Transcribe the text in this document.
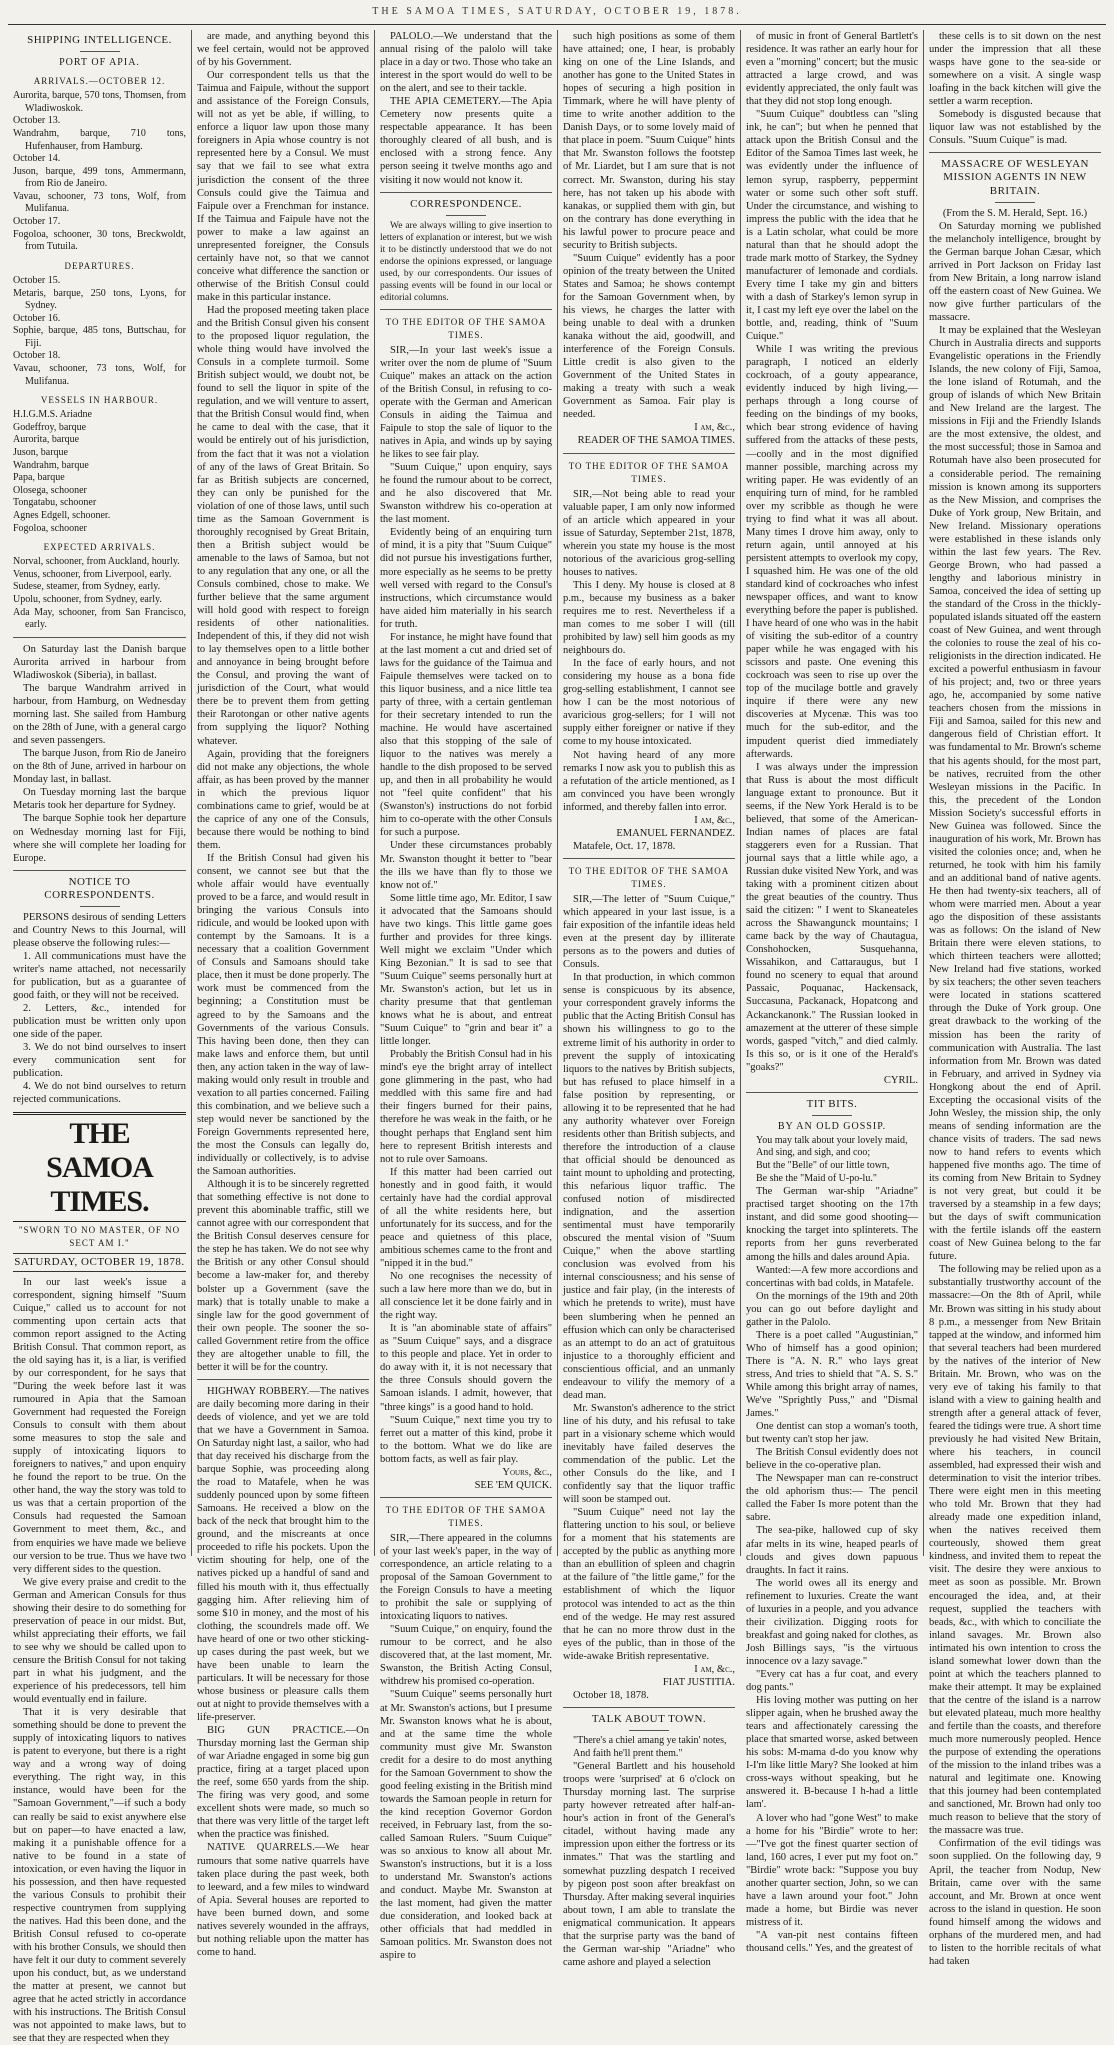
THE SAMOA TIMES, SATURDAY, OCTOBER 19, 1878.
SHIPPING INTELLIGENCE.
PORT OF APIA.
ARRIVALS.—OCTOBER 12.
Aurorita, barque, 570 tons, Thomsen, from Wladiwoskok.
October 13.
Wandrahm, barque, 710 tons, Hufenhauser, from Hamburg.
October 14.
Juson, barque, 499 tons, Ammermann, from Rio de Janeiro.
Vavau, schooner, 73 tons, Wolf, from Mulifanua.
October 17.
Fogoloa, schooner, 30 tons, Breckwoldt, from Tutuila.
DEPARTURES.
October 15.
Metaris, barque, 250 tons, Lyons, for Sydney.
October 16.
Sophie, barque, 485 tons, Buttschau, for Fiji.
October 18.
Vavau, schooner, 73 tons, Wolf, for Mulifanua.
VESSELS IN HARBOUR.
H.I.G.M.S. Ariadne
Godeffroy, barque
Aurorita, barque
Juson, barque
Wandrahm, barque
Papa, barque
Olosega, schooner
Tongatabu, schooner
Agnes Edgell, schooner.
Fogoloa, schooner
EXPECTED ARRIVALS.
Norval, schooner, from Auckland, hourly.
Venus, schooner, from Liverpool, early.
Sudese, steamer, from Sydney, early.
Upolu, schooner, from Sydney, early.
Ada May, schooner, from San Francisco, early.

On Saturday last the Danish barque Aurorita arrived in harbour from Wladiwoskok (Siberia), in ballast.

The barque Wandrahm arrived in harbour, from Hamburg, on Wednesday morning last. She sailed from Hamburg on the 28th of June, with a general cargo and seven passengers.

The barque Juson, from Rio de Janeiro on the 8th of June, arrived in harbour on Monday last, in ballast.

On Tuesday morning last the barque Metaris took her departure for Sydney.

The barque Sophie took her departure on Wednesday morning last for Fiji, where she will complete her loading for Europe.

NOTICE TO CORRESPONDENTS.

PERSONS desirous of sending Letters and Country News to this Journal, will please observe the following rules:—

1. All communications must have the writer's name attached, not necessarily for publication, but as a guarantee of good faith, or they will not be received.

2. Letters, &c., intended for publication must be written only upon one side of the paper.

3. We do not bind ourselves to insert every communication sent for publication.

4. We do not bind ourselves to return rejected communications.

THE SAMOA TIMES.
"SWORN TO NO MASTER, OF NO SECT AM I."
SATURDAY, OCTOBER 19, 1878.

In our last week's issue a correspondent, signing himself "Suum Cuique," called us to account for not commenting upon certain acts that common report assigned to the Acting British Consul. That common report, as the old saying has it, is a liar, is verified by our correspondent, for he says that "During the week before last it was rumoured in Apia that the Samoan Government had requested the Foreign Consuls to consult with them about some measures to stop the sale and supply of intoxicating liquors to foreigners to natives," and upon enquiry he found the report to be true. On the other hand, the way the story was told to us was that a certain proportion of the Consuls had requested the Samoan Government to meet them, &c., and from enquiries we have made we believe our version to be true. Thus we have two very different sides to the question.

We give every praise and credit to the German and American Consuls for thus showing their desire to do something for preservation of peace in our midst. But, whilst appreciating their efforts, we fail to see why we should be called upon to censure the British Consul for not taking part in what his judgment, and the experience of his predecessors, tell him would eventually end in failure.

That it is very desirable that something should be done to prevent the supply of intoxicating liquors to natives is patent to everyone, but there is a right way and a wrong way of doing everything. The right way, in this instance, would have been for the "Samoan Government,"—if such a body can really be said to exist anywhere else but on paper—to have enacted a law, making it a punishable offence for a native to be found in a state of intoxication, or even having the liquor in his possession, and then have requested the various Consuls to prohibit their respective countrymen from supplying the natives. Had this been done, and the British Consul refused to co-operate with his brother Consuls, we should then have felt it our duty to comment severely upon his conduct, but, as we understand the matter at present, we cannot but agree that he acted strictly in accordance with his instructions. The British Consul was not appointed to make laws, but to see that they are respected when they

are made, and anything beyond this we feel certain, would not be approved of by his Government.

Our correspondent tells us that the Taimua and Faipule, without the support and assistance of the Foreign Consuls, will not as yet be able, if willing, to enforce a liquor law upon those many foreigners in Apia whose country is not represented here by a Consul. We must say that we fail to see what extra jurisdiction the consent of the three Consuls could give the Taimua and Faipule over a Frenchman for instance. If the Taimua and Faipule have not the power to make a law against an unrepresented foreigner, the Consuls certainly have not, so that we cannot conceive what difference the sanction or otherwise of the British Consul could make in this particular instance.

Had the proposed meeting taken place and the British Consul given his consent to the proposed liquor regulation, the whole thing would have involved the Consuls in a complete turmoil. Some British subject would, we doubt not, be found to sell the liquor in spite of the regulation, and we will venture to assert, that the British Consul would find, when he came to deal with the case, that it would be entirely out of his jurisdiction, from the fact that it was not a violation of any of the laws of Great Britain. So far as British subjects are concerned, they can only be punished for the violation of one of those laws, until such time as the Samoan Government is thoroughly recognised by Great Britain, then a British subject would be amenable to the laws of Samoa, but not to any regulation that any one, or all the Consuls combined, chose to make. We further believe that the same argument will hold good with respect to foreign residents of other nationalities. Independent of this, if they did not wish to lay themselves open to a little bother and annoyance in being brought before the Consul, and proving the want of jurisdiction of the Court, what would there be to prevent them from getting their Rarotongan or other native agents from supplying the liquor? Nothing whatever.

Again, providing that the foreigners did not make any objections, the whole affair, as has been proved by the manner in which the previous liquor combinations came to grief, would be at the caprice of any one of the Consuls, because there would be nothing to bind them.

If the British Consul had given his consent, we cannot see but that the whole affair would have eventually proved to be a farce, and would result in bringing the various Consuls into ridicule, and would be looked upon with contempt by the Samoans. It is a necessary that a coalition Government of Consuls and Samoans should take place, then it must be done properly. The work must be commenced from the beginning; a Constitution must be agreed to by the Samoans and the Governments of the various Consuls. This having been done, then they can make laws and enforce them, but until then, any action taken in the way of law-making would only result in trouble and vexation to all parties concerned. Failing this combination, and we believe such a step would never be sanctioned by the Foreign Governments represented here, the most the Consuls can legally do, individually or collectively, is to advise the Samoan authorities.

Although it is to be sincerely regretted that something effective is not done to prevent this abominable traffic, still we cannot agree with our correspondent that the British Consul deserves censure for the step he has taken. We do not see why the British or any other Consul should become a law-maker for, and thereby bolster up a Government (save the mark) that is totally unable to make a single law for the good government of their own people. The sooner the so-called Government retire from the office they are altogether unable to fill, the better it will be for the country.

HIGHWAY ROBBERY.—The natives are daily becoming more daring in their deeds of violence, and yet we are told that we have a Government in Samoa. On Saturday night last, a sailor, who had that day received his discharge from the barque Sophie, was proceeding along the road to Matafele, when he was suddenly pounced upon by some fifteen Samoans. He received a blow on the back of the neck that brought him to the ground, and the miscreants at once proceeded to rifle his pockets. Upon the victim shouting for help, one of the natives picked up a handful of sand and filled his mouth with it, thus effectually gagging him. After relieving him of some $10 in money, and the most of his clothing, the scoundrels made off. We have heard of one or two other sticking-up cases during the past week, but we have been unable to learn the particulars. It will be necessary for those whose business or pleasure calls them out at night to provide themselves with a life-preserver.

BIG GUN PRACTICE.—On Thursday morning last the German ship of war Ariadne engaged in some big gun practice, firing at a target placed upon the reef, some 650 yards from the ship. The firing was very good, and some excellent shots were made, so much so that there was very little of the target left when the practice was finished.

NATIVE QUARRELS.—We hear rumours that some native quarrels have taken place during the past week, both to leeward, and a few miles to windward of Apia. Several houses are reported to have been burned down, and some natives severely wounded in the affrays, but nothing reliable upon the matter has come to hand.

PALOLO.—We understand that the annual rising of the palolo will take place in a day or two. Those who take an interest in the sport would do well to be on the alert, and see to their tackle.

THE APIA CEMETERY.—The Apia Cemetery now presents quite a respectable appearance. It has been thoroughly cleared of all bush, and is enclosed with a strong fence. Any person seeing it twelve months ago and visiting it now would not know it.

CORRESPONDENCE.

We are always willing to give insertion to letters of explanation or interest, but we wish it to be distinctly understood that we do not endorse the opinions expressed, or language used, by our correspondents. Our issues of passing events will be found in our local or editorial columns.

TO THE EDITOR OF THE SAMOA TIMES.

SIR,—In your last week's issue a writer over the nom de plume of "Suum Cuique" makes an attack on the action of the British Consul, in refusing to co-operate with the German and American Consuls in aiding the Taimua and Faipule to stop the sale of liquor to the natives in Apia, and winds up by saying he likes to see fair play.

"Suum Cuique," upon enquiry, says he found the rumour about to be correct, and he also discovered that Mr. Swanston withdrew his co-operation at the last moment.

Evidently being of an enquiring turn of mind, it is a pity that "Suum Cuique" did not pursue his investigations further, more especially as he seems to be pretty well versed with regard to the Consul's instructions, which circumstance would have aided him materially in his search for truth.

For instance, he might have found that at the last moment a cut and dried set of laws for the guidance of the Taimua and Faipule themselves were tacked on to this liquor business, and a nice little tea party of three, with a certain gentleman for their secretary intended to run the machine. He would have ascertained also that this stopping of the sale of liquor to the natives was merely a handle to the dish proposed to be served up, and then in all probability he would not "feel quite confident" that his (Swanston's) instructions do not forbid him to co-operate with the other Consuls for such a purpose.

Under these circumstances probably Mr. Swanston thought it better to "bear the ills we have than fly to those we know not of."

Some little time ago, Mr. Editor, I saw it advocated that the Samoans should have two kings. This little game goes further and provides for three kings. Well might we exclaim "Under which King Bezonian." It is sad to see that "Suum Cuique" seems personally hurt at Mr. Swanston's action, but let us in charity presume that that gentleman knows what he is about, and entreat "Suum Cuique" to "grin and bear it" a little longer.

Probably the British Consul had in his mind's eye the bright array of intellect gone glimmering in the past, who had meddled with this same fire and had their fingers burned for their pains, therefore he was weak in the faith, or he thought perhaps that England sent him here to represent British interests and not to rule over Samoans.

If this matter had been carried out honestly and in good faith, it would certainly have had the cordial approval of all the white residents here, but unfortunately for its success, and for the peace and quietness of this place, ambitious schemes came to the front and "nipped it in the bud."

No one recognises the necessity of such a law here more than we do, but in all conscience let it be done fairly and in the right way.

It is "an abominable state of affairs" as "Suum Cuique" says, and a disgrace to this people and place. Yet in order to do away with it, it is not necessary that the three Consuls should govern the Samoan islands. I admit, however, that "three kings" is a good hand to hold.

"Suum Cuique," next time you try to ferret out a matter of this kind, probe it to the bottom. What we do like are bottom facts, as well as fair play.

Yours, &c.,
SEE 'EM QUICK.
TO THE EDITOR OF THE SAMOA TIMES.

SIR,—There appeared in the columns of your last week's paper, in the way of correspondence, an article relating to a proposal of the Samoan Government to the Foreign Consuls to have a meeting to prohibit the sale or supplying of intoxicating liquors to natives.

"Suum Cuique," on enquiry, found the rumour to be correct, and he also discovered that, at the last moment, Mr. Swanston, the British Acting Consul, withdrew his promised co-operation.

"Suum Cuique" seems personally hurt at Mr. Swanston's actions, but I presume Mr. Swanston knows what he is about, and at the same time the whole community must give Mr. Swanston credit for a desire to do most anything for the Samoan Government to show the good feeling existing in the British mind towards the Samoan people in return for the kind reception Governor Gordon received, in February last, from the so-called Samoan Rulers. "Suum Cuique" was so anxious to know all about Mr. Swanston's instructions, but it is a loss to understand Mr. Swanston's actions and conduct. Maybe Mr. Swanston at the last moment, had given the matter due consideration, and looked back at other officials that had meddled in Samoan politics. Mr. Swanston does not aspire to

such high positions as some of them have attained; one, I hear, is probably king on one of the Line Islands, and another has gone to the United States in hopes of securing a high position in Timmark, where he will have plenty of time to write another addition to the Danish Days, or to some lovely maid of that place in poem. "Suum Cuique" hints that Mr. Swanston follows the footstep of Mr. Liardet, but I am sure that is not correct. Mr. Swanston, during his stay here, has not taken up his abode with kanakas, or supplied them with gin, but on the contrary has done everything in his lawful power to procure peace and security to British subjects.

"Suum Cuique" evidently has a poor opinion of the treaty between the United States and Samoa; he shows contempt for the Samoan Government when, by his views, he charges the latter with being unable to deal with a drunken kanaka without the aid, goodwill, and interference of the Foreign Consuls. Little credit is also given to the Government of the United States in making a treaty with such a weak Government as Samoa. Fair play is needed.

I am, &c.,
READER OF THE SAMOA TIMES.
TO THE EDITOR OF THE SAMOA TIMES.

SIR,—Not being able to read your valuable paper, I am only now informed of an article which appeared in your issue of Saturday, September 21st, 1878, wherein you state my house is the most notorious of the avaricious grog-selling houses to natives.

This I deny. My house is closed at 8 p.m., because my business as a baker requires me to rest. Nevertheless if a man comes to me sober I will (till prohibited by law) sell him goods as my neighbours do.

In the face of early hours, and not considering my house as a bona fide grog-selling establishment, I cannot see how I can be the most notorious of avaricious grog-sellers; for I will not supply either foreigner or native if they come to my house intoxicated.

Not having heard of any more remarks I now ask you to publish this as a refutation of the article mentioned, as I am convinced you have been wrongly informed, and thereby fallen into error.

I am, &c.,
EMANUEL FERNANDEZ.

Matafele, Oct. 17, 1878.

TO THE EDITOR OF THE SAMOA TIMES.

SIR,—The letter of "Suum Cuique," which appeared in your last issue, is a fair exposition of the infantile ideas held even at the present day by illiterate persons as to the powers and duties of Consuls.

In that production, in which common sense is conspicuous by its absence, your correspondent gravely informs the public that the Acting British Consul has shown his willingness to go to the extreme limit of his authority in order to prevent the supply of intoxicating liquors to the natives by British subjects, but has refused to place himself in a false position by representing, or allowing it to be represented that he had any authority whatever over Foreign residents other than British subjects, and therefore the introduction of a clause that official should be denounced as taint mount to upholding and protecting, this nefarious liquor traffic. The confused notion of misdirected indignation, and the assertion sentimental must have temporarily obscured the mental vision of "Suum Cuique," when the above startling conclusion was evolved from his internal consciousness; and his sense of justice and fair play, (in the interests of which he pretends to write), must have been slumbering when he penned an effusion which can only be characterised as an attempt to do an act of gratuitous injustice to a thoroughly efficient and conscientious official, and an unmanly endeavour to vilify the memory of a dead man.

Mr. Swanston's adherence to the strict line of his duty, and his refusal to take part in a visionary scheme which would inevitably have failed deserves the commendation of the public. Let the other Consuls do the like, and I confidently say that the liquor traffic will soon be stamped out.

"Suum Cuique" need not lay the flattering unction to his soul, or believe for a moment that his statements are accepted by the public as anything more than an ebullition of spleen and chagrin at the failure of "the little game," for the establishment of which the liquor protocol was intended to act as the thin end of the wedge. He may rest assured that he can no more throw dust in the eyes of the public, than in those of the wide-awake British representative.

I am, &c.,
FIAT JUSTITIA.

October 18, 1878.

TALK ABOUT TOWN.
"There's a chiel amang ye takin' notes,
And faith he'll prent them."

"General Bartlett and his household troops were 'surprised' at 6 o'clock on Thursday morning last. The surprise party however retreated after half-an-hour's action in front of the General's citadel, without having made any impression upon either the fortress or its inmates." That was the startling and somewhat puzzling despatch I received by pigeon post soon after breakfast on Thursday. After making several inquiries about town, I am able to translate the enigmatical communication. It appears that the surprise party was the band of the German war-ship "Ariadne" who came ashore and played a selection

of music in front of General Bartlett's residence. It was rather an early hour for even a "morning" concert; but the music attracted a large crowd, and was evidently appreciated, the only fault was that they did not stop long enough.

"Suum Cuique" doubtless can "sling ink, he can"; but when he penned that attack upon the British Consul and the Editor of the Samoa Times last week, he was evidently under the influence of lemon syrup, raspberry, peppermint water or some such other soft stuff. Under the circumstance, and wishing to impress the public with the idea that he is a Latin scholar, what could be more natural than that he should adopt the trade mark motto of Starkey, the Sydney manufacturer of lemonade and cordials. Every time I take my gin and bitters with a dash of Starkey's lemon syrup in it, I cast my left eye over the label on the bottle, and, reading, think of "Suum Cuique."

While I was writing the previous paragraph, I noticed an elderly cockroach, of a gouty appearance, evidently induced by high living,—perhaps through a long course of feeding on the bindings of my books, which bear strong evidence of having suffered from the attacks of these pests,—coolly and in the most dignified manner possible, marching across my writing paper. He was evidently of an enquiring turn of mind, for he rambled over my scribble as though he were trying to find what it was all about. Many times I drove him away, only to return again, until annoyed at his persistent attempts to overlook my copy, I squashed him. He was one of the old standard kind of cockroaches who infest newspaper offices, and want to know everything before the paper is published. I have heard of one who was in the habit of visiting the sub-editor of a country paper while he was engaged with his scissors and paste. One evening this cockroach was seen to rise up over the top of the mucilage bottle and gravely inquire if there were any new discoveries at Mycenæ. This was too much for the sub-editor, and the impudent querist died immediately afterwards.

I was always under the impression that Russ is about the most difficult language extant to pronounce. But it seems, if the New York Herald is to be believed, that some of the American-Indian names of places are fatal staggerers even for a Russian. That journal says that a little while ago, a Russian duke visited New York, and was taking with a prominent citizen about the great beauties of the country. Thus said the citizen: " I went to Skaneateles across the Shawangunck mountains; I came back by the way of Chautagua, Conshohocken, Susquehanna, Wissahikon, and Cattaraugus, but I found no scenery to equal that around Passaic, Poquanac, Hackensack, Succasuna, Packanack, Hopatcong and Ackanckanonk." The Russian looked in amazement at the utterer of these simple words, gasped "vitch," and died calmly. Is this so, or is it one of the Herald's "goaks?"

CYRIL.
TIT BITS.
BY AN OLD GOSSIP.
You may talk about your lovely maid,
And sing, and sigh, and coo;
But the "Belle" of our little town,
Be she the "Maid of U-po-lu."

The German war-ship "Ariadne" practised target shooting on the 17th instant, and did some good shooting—knocking the target into splinterets. The reports from her guns reverberated among the hills and dales around Apia.

Wanted:—A few more accordions and concertinas with bad colds, in Matafele.

On the mornings of the 19th and 20th you can go out before daylight and gather in the Palolo.

There is a poet called "Augustinian," Who of himself has a good opinion; There is "A. N. R." who lays great stress, And tries to shield that "A. S. S." While among this bright array of names, We've "Sprightly Puss," and "Dismal James."

One dentist can stop a woman's tooth, but twenty can't stop her jaw.

The British Consul evidently does not believe in the co-operative plan.

The Newspaper man can re-construct the old aphorism thus:— The pencil called the Faber Is more potent than the sabre.

The sea-pike, hallowed cup of sky afar melts in its wine, heaped pearls of clouds and gives down papuous draughts. In fact it rains.

The world owes all its energy and refinement to luxuries. Create the want of luxuries in a people, and you advance their civilization. Digging roots for breakfast and going naked for clothes, as Josh Billings says, "is the virtuous innocence ov a lazy savage."

"Every cat has a fur coat, and every dog pants."

His loving mother was putting on her slipper again, when he brushed away the tears and affectionately caressing the place that smarted worse, asked between his sobs: M-mama d-do you know why I-I'm like little Mary? She looked at him cross-ways without speaking, but he answered it. B-because I h-had a little lam'.

A lover who had "gone West" to make a home for his "Birdie" wrote to her:—"I've got the finest quarter section of land, 160 acres, I ever put my foot on." "Birdie" wrote back: "Suppose you buy another quarter section, John, so we can have a lawn around your foot." John made a home, but Birdie was never mistress of it.

"A van-pit nest contains fifteen thousand cells." Yes, and the greatest of

these cells is to sit down on the nest under the impression that all these wasps have gone to the sea-side or somewhere on a visit. A single wasp loafing in the back kitchen will give the settler a warm reception.

Somebody is disgusted because that liquor law was not established by the Consuls. "Suum Cuique" is mad.

MASSACRE OF WESLEYAN MISSION AGENTS IN NEW BRITAIN.
(From the S. M. Herald, Sept. 16.)

On Saturday morning we published the melancholy intelligence, brought by the German barque Johan Cæsar, which arrived in Port Jackson on Friday last from New Britain, a long narrow island off the eastern coast of New Guinea. We now give further particulars of the massacre.

It may be explained that the Wesleyan Church in Australia directs and supports Evangelistic operations in the Friendly Islands, the new colony of Fiji, Samoa, the lone island of Rotumah, and the group of islands of which New Britain and New Ireland are the largest. The missions in Fiji and the Friendly Islands are the most extensive, the oldest, and the most successful; those in Samoa and Rotumah have also been prosecuted for a considerable period. The remaining mission is known among its supporters as the New Mission, and comprises the Duke of York group, New Britain, and New Ireland. Missionary operations were established in these islands only within the last few years. The Rev. George Brown, who had passed a lengthy and laborious ministry in Samoa, conceived the idea of setting up the standard of the Cross in the thickly-populated islands situated off the eastern coast of New Guinea, and went through the colonies to rouse the zeal of his co-religionists in the direction indicated. He excited a powerful enthusiasm in favour of his project; and, two or three years ago, he, accompanied by some native teachers chosen from the missions in Fiji and Samoa, sailed for this new and dangerous field of Christian effort. It was fundamental to Mr. Brown's scheme that his agents should, for the most part, be natives, recruited from the other Wesleyan missions in the Pacific. In this, the precedent of the London Mission Society's successful efforts in New Guinea was followed. Since the inauguration of his work, Mr. Brown has visited the colonies once; and, when he returned, he took with him his family and an additional band of native agents. He then had twenty-six teachers, all of whom were married men. About a year ago the disposition of these assistants was as follows: On the island of New Britain there were eleven stations, to which thirteen teachers were allotted; New Ireland had five stations, worked by six teachers; the other seven teachers were located in stations scattered through the Duke of York group. One great drawback to the working of the mission has been the rarity of communication with Australia. The last information from Mr. Brown was dated in February, and arrived in Sydney via Hongkong about the end of April. Excepting the occasional visits of the John Wesley, the mission ship, the only means of sending information are the chance visits of traders. The sad news now to hand refers to events which happened five months ago. The time of its coming from New Britain to Sydney is not very great, but could it be traversed by a steamship in a few days; but the days of swift communication with the fertile islands off the eastern coast of New Guinea belong to the far future.

The following may be relied upon as a substantially trustworthy account of the massacre:—On the 8th of April, while Mr. Brown was sitting in his study about 8 p.m., a messenger from New Britain tapped at the window, and informed him that several teachers had been murdered by the natives of the interior of New Britain. Mr. Brown, who was on the very eve of taking his family to that island with a view to gaining health and strength after a general attack of fever, feared the tidings were true. A short time previously he had visited New Britain, where his teachers, in council assembled, had expressed their wish and determination to visit the interior tribes. There were eight men in this meeting who told Mr. Brown that they had already made one expedition inland, when the natives received them courteously, showed them great kindness, and invited them to repeat the visit. The desire they were anxious to meet as soon as possible. Mr. Brown encouraged the idea, and, at their request, supplied the teachers with beads, &c., with which to conciliate the inland savages. Mr. Brown also intimated his own intention to cross the island somewhat lower down than the point at which the teachers planned to make their attempt. It may be explained that the centre of the island is a narrow but elevated plateau, much more healthy and fertile than the coasts, and therefore much more numerously peopled. Hence the purpose of extending the operations of the mission to the inland tribes was a natural and legitimate one. Knowing that this journey had been contemplated and sanctioned, Mr. Brown had only too much reason to believe that the story of the massacre was true.

Confirmation of the evil tidings was soon supplied. On the following day, 9 April, the teacher from Nodup, New Britain, came over with the same account, and Mr. Brown at once went across to the island in question. He soon found himself among the widows and orphans of the murdered men, and had to listen to the horrible recitals of what had taken
